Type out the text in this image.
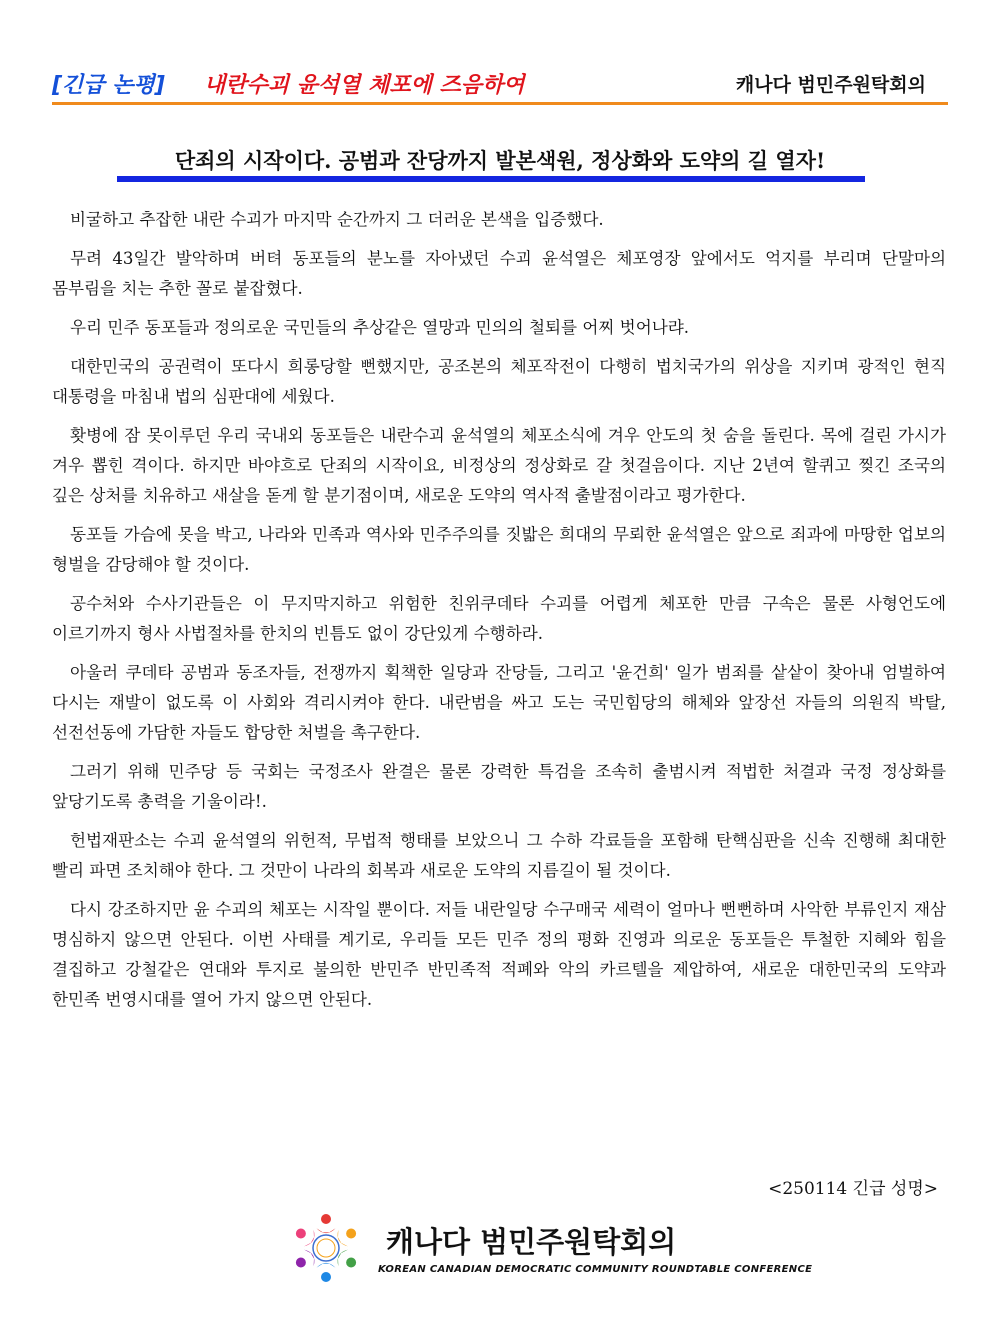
[긴급 논평] 내란수괴 윤석열 체포에 즈음하여	캐나다 범민주원탁회의
단죄의 시작이다. 공범과 잔당까지 발본색원, 정상화와 도약의 길 열자!

비굴하고 추잡한 내란 수괴가 마지막 순간까지 그 더러운 본색을 입증했다.

무려 43일간 발악하며 버텨 동포들의 분노를 자아냈던 수괴 윤석열은 체포영장 앞에서도 억지를 부리며 단말마의 몸부림을 치는 추한 꼴로 붙잡혔다.

우리 민주 동포들과 정의로운 국민들의 추상같은 열망과 민의의 철퇴를 어찌 벗어나랴.

대한민국의 공권력이 또다시 희롱당할 뻔했지만, 공조본의 체포작전이 다행히 법치국가의 위상을 지키며 광적인 현직 대통령을 마침내 법의 심판대에 세웠다.

홧병에 잠 못이루던 우리 국내외 동포들은 내란수괴 윤석열의 체포소식에 겨우 안도의 첫 숨을 돌린다. 목에 걸린 가시가 겨우 뽑힌 격이다. 하지만 바야흐로 단죄의 시작이요, 비정상의 정상화로 갈 첫걸음이다. 지난 2년여 할퀴고 찢긴 조국의 깊은 상처를 치유하고 새살을 돋게 할 분기점이며, 새로운 도약의 역사적 출발점이라고 평가한다.

동포들 가슴에 못을 박고, 나라와 민족과 역사와 민주주의를 짓밟은 희대의 무뢰한 윤석열은 앞으로 죄과에 마땅한 업보의 형벌을 감당해야 할 것이다.

공수처와 수사기관들은 이 무지막지하고 위험한 친위쿠데타 수괴를 어렵게 체포한 만큼 구속은 물론 사형언도에 이르기까지 형사 사법절차를 한치의 빈틈도 없이 강단있게 수행하라.

아울러 쿠데타 공범과 동조자들, 전쟁까지 획책한 일당과 잔당들, 그리고 '윤건희' 일가 범죄를 샅샅이 찾아내 엄벌하여 다시는 재발이 없도록 이 사회와 격리시켜야 한다. 내란범을 싸고 도는 국민힘당의 해체와 앞장선 자들의 의원직 박탈, 선전선동에 가담한 자들도 합당한 처벌을 촉구한다.

그러기 위해 민주당 등 국회는 국정조사 완결은 물론 강력한 특검을 조속히 출범시켜 적법한 처결과 국정 정상화를 앞당기도록 총력을 기울이라!.

헌법재판소는 수괴 윤석열의 위헌적, 무법적 행태를 보았으니 그 수하 각료들을 포함해 탄핵심판을 신속 진행해 최대한 빨리 파면 조치해야 한다. 그 것만이 나라의 회복과 새로운 도약의 지름길이 될 것이다.

다시 강조하지만 윤 수괴의 체포는 시작일 뿐이다. 저들 내란일당 수구매국 세력이 얼마나 뻔뻔하며 사악한 부류인지 재삼 명심하지 않으면 안된다. 이번 사태를 계기로, 우리들 모든 민주 정의 평화 진영과 의로운 동포들은 투철한 지혜와 힘을 결집하고 강철같은 연대와 투지로 불의한 반민주 반민족적 적폐와 악의 카르텔을 제압하여, 새로운 대한민국의 도약과 한민족 번영시대를 열어 가지 않으면 안된다.

<250114 긴급 성명>
캐나다 범민주원탁회의
KOREAN CANADIAN DEMOCRATIC COMMUNITY ROUNDTABLE CONFERENCE
